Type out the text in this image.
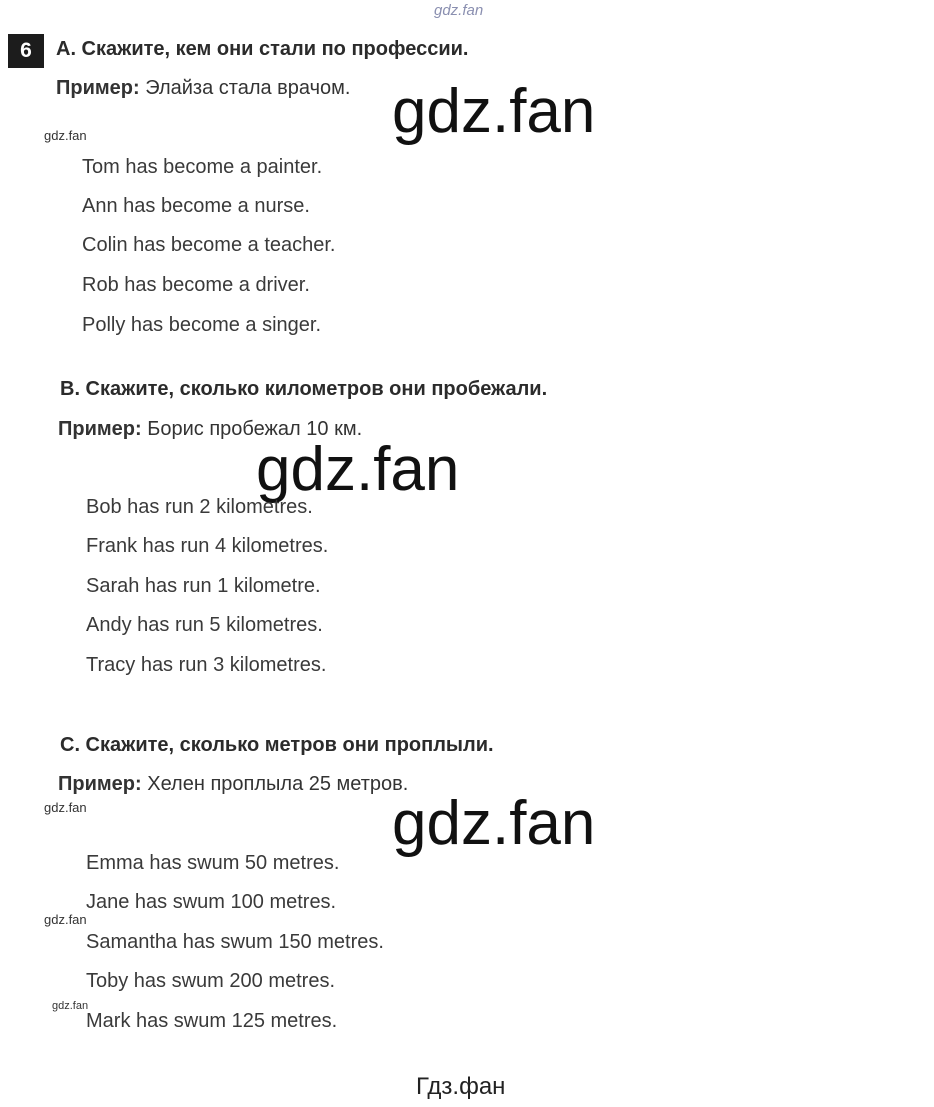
gdz.fan
6	A. Скажите, кем они стали по профессии.
Пример: Элайза стала врачом. gdz.fan
gdz.fan
Tom has become a painter.
Ann has become a nurse.
Colin has become a teacher.
Rob has become a driver.
Polly has become a singer.
B. Скажите, сколько километров они пробежали.
Пример: Борис пробежал 10 км.
gdz.fan
Bob has run 2 kilometres.
Frank has run 4 kilometres.
Sarah has run 1 kilometre.
Andy has run 5 kilometres.
Tracy has run 3 kilometres.
C. Скажите, сколько метров они проплыли.
Пример: Хелен проплыла 25 метров.
gdz.fan	gdz.fan
Emma has swum 50 metres.
Jane has swum 100 metres.
gdz.fan
Samantha has swum 150 metres.
Toby has swum 200 metres.
gdz.fan
Mark has swum 125 metres.
Гдз.фан
